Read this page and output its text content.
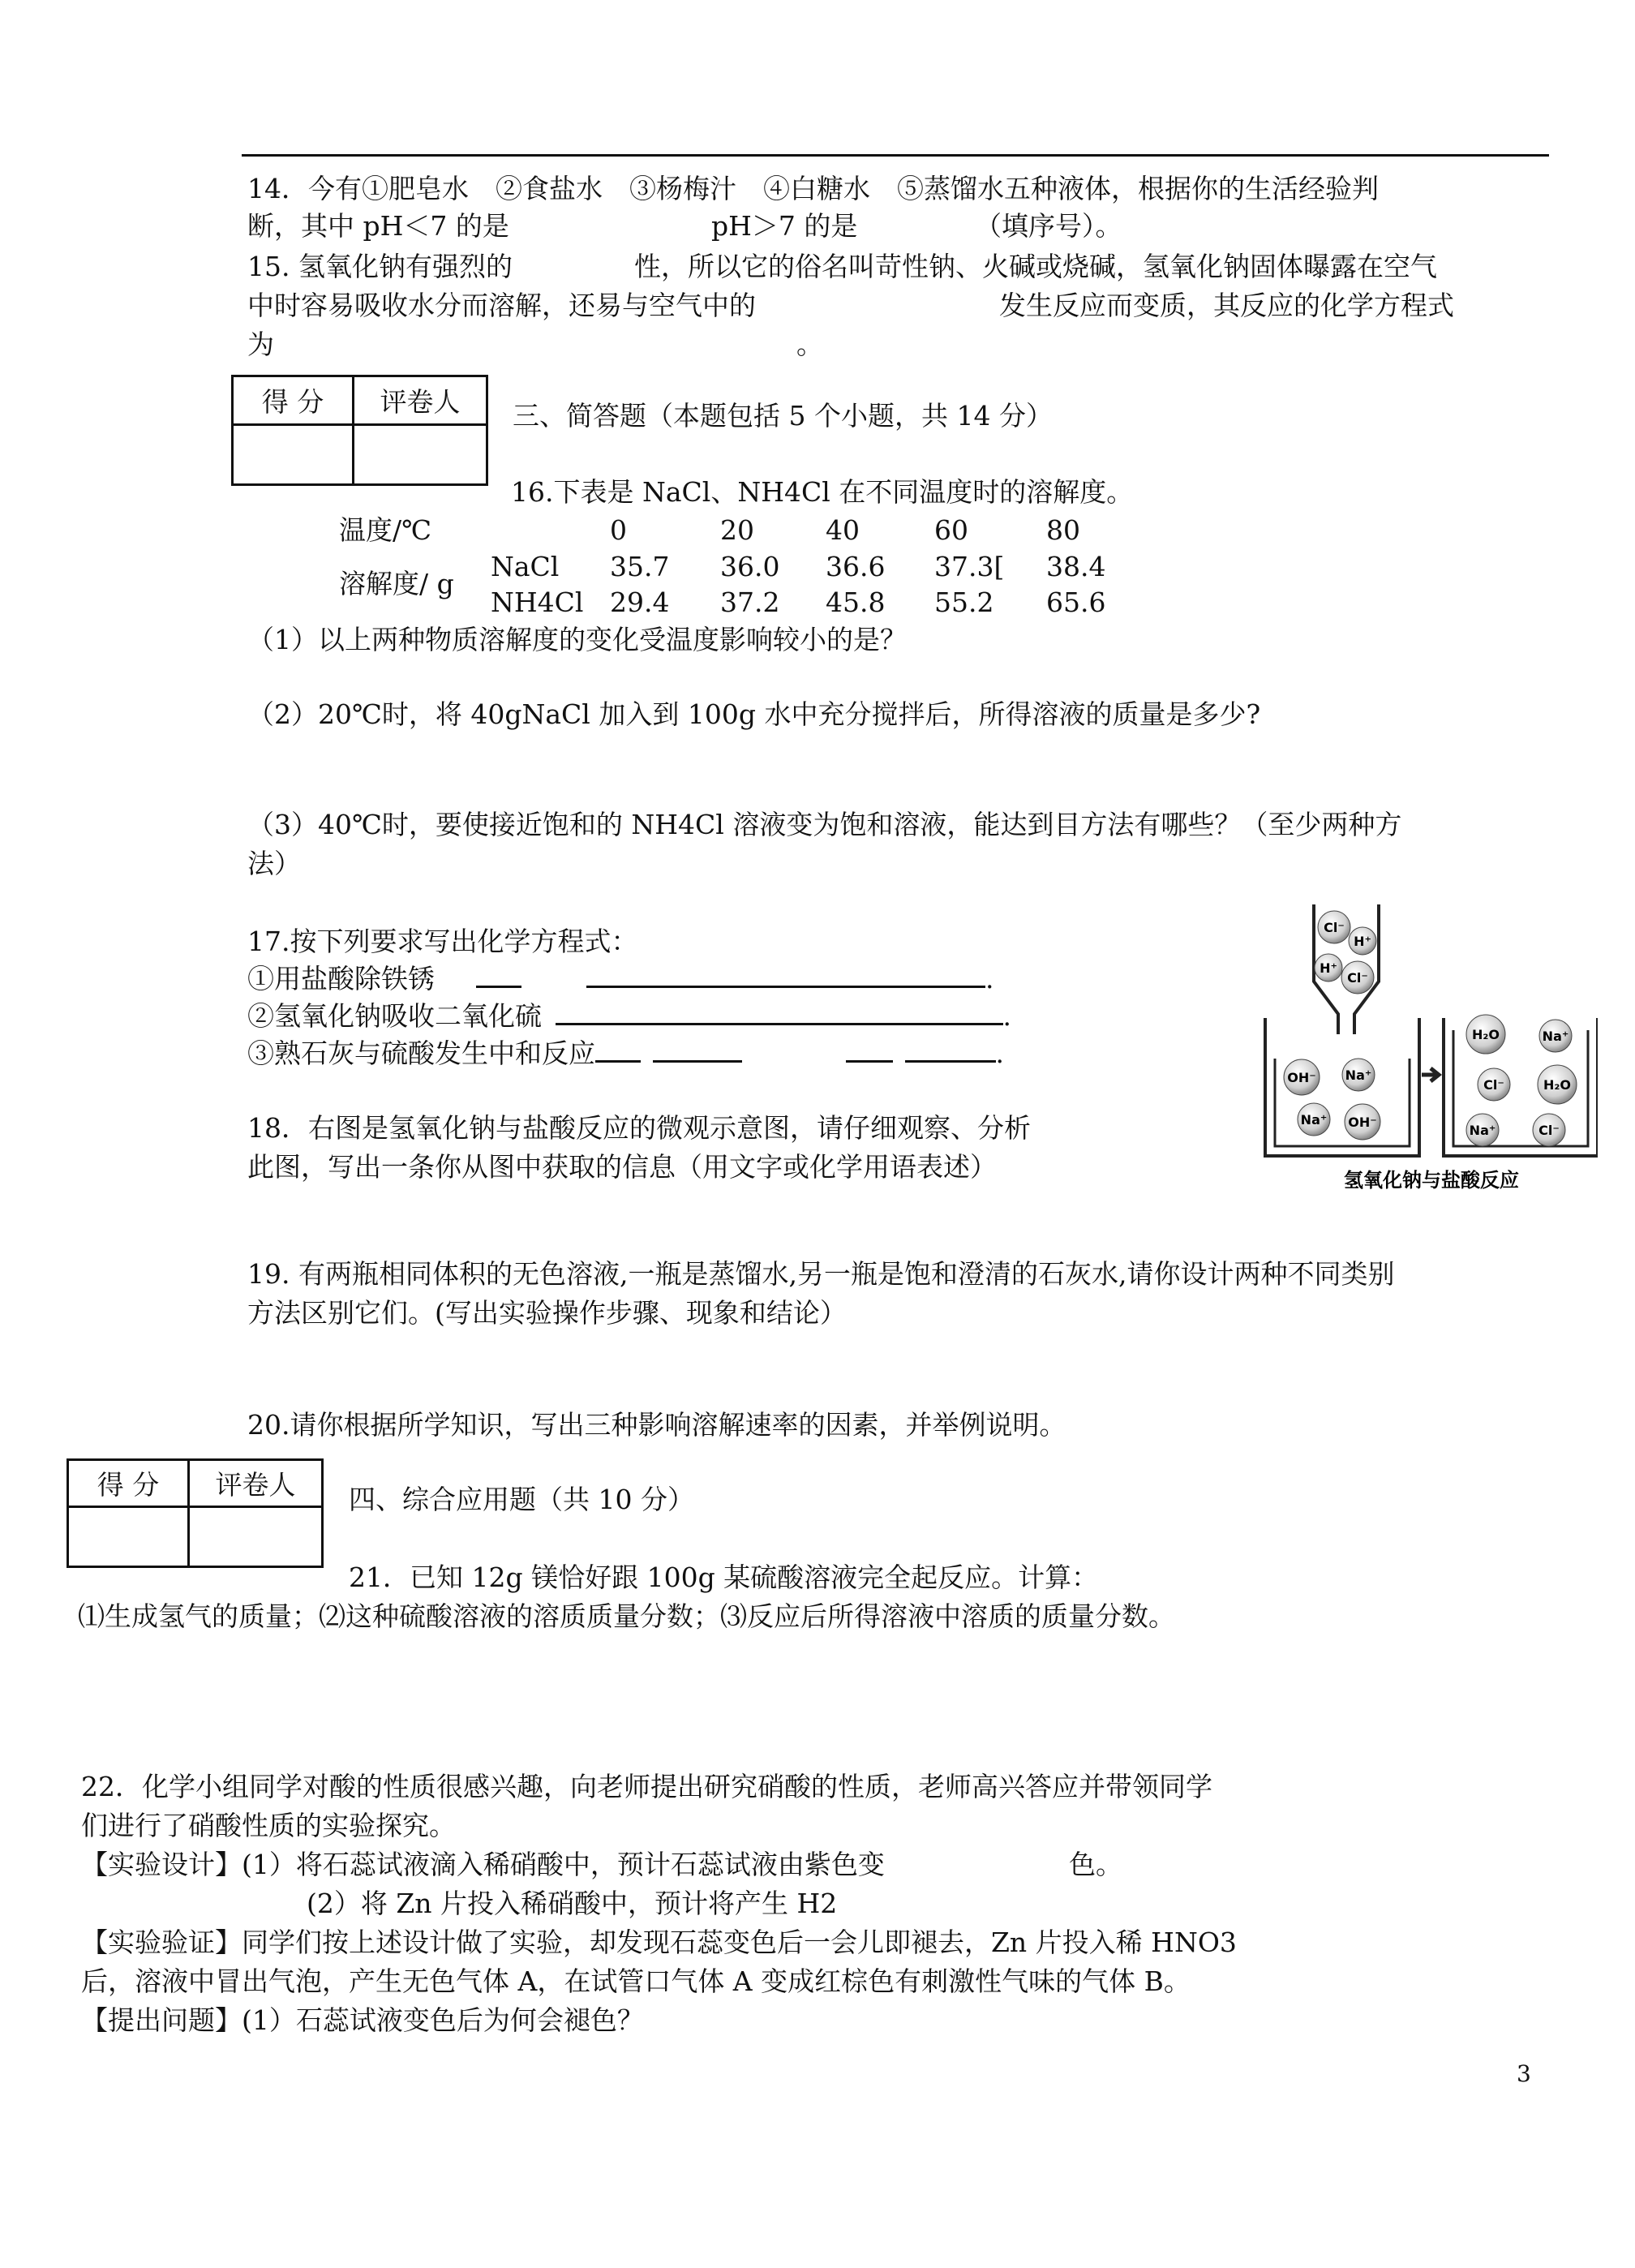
14．今有①肥皂水　②食盐水　③杨梅汁　④白糖水　⑤蒸馏水五种液体，根据你的生活经验判
断，其中 pH＜7 的是	pH＞7 的是	（填序号）。
15. 氢氧化钠有强烈的	性，所以它的俗名叫苛性钠、火碱或烧碱，氢氧化钠固体曝露在空气
中时容易吸收水分而溶解，还易与空气中的	发生反应而变质，其反应的化学方程式
为	。
得 分	评卷人
	三、简答题（本题包括 5 个小题，共 14 分）
16.下表是 NaCl、NH4Cl 在不同温度时的溶解度。
温度/℃	0	20	40	60	80
溶解度/ g
NaCl 35.7 36.0 36.6 37.3[ 38.4
NH4Cl 29.4 37.2 45.8 55.2 65.6
（1）以上两种物质溶解度的变化受温度影响较小的是？
（2）20℃时，将 40gNaCl 加入到 100g 水中充分搅拌后，所得溶液的质量是多少?
（3）40℃时，要使接近饱和的 NH4Cl 溶液变为饱和溶液，能达到目方法有哪些？（至少两种方
法）
17.按下列要求写出化学方程式：
①用盐酸除铁锈	.
②氢氧化钠吸收二氧化硫	.
③熟石灰与硫酸发生中和反应	.
18．右图是氢氧化钠与盐酸反应的微观示意图，请仔细观察、分析
此图，写出一条你从图中获取的信息（用文字或化学用语表述）
Cl⁻
H⁺
H⁺
Cl⁻
OH⁻ Na⁺
Na⁺ OH⁻
H₂O	Na⁺
Cl⁻	H₂O
Na⁺	Cl⁻
氢氧化钠与盐酸反应
19. 有两瓶相同体积的无色溶液,一瓶是蒸馏水,另一瓶是饱和澄清的石灰水,请你设计两种不同类别
方法区别它们。(写出实验操作步骤、现象和结论）
20.请你根据所学知识，写出三种影响溶解速率的因素，并举例说明。
得 分	评卷人
	四、综合应用题（共 10 分）
21．已知 12g 镁恰好跟 100g 某硫酸溶液完全起反应。计算：
⑴生成氢气的质量；⑵这种硫酸溶液的溶质质量分数；⑶反应后所得溶液中溶质的质量分数。
22．化学小组同学对酸的性质很感兴趣，向老师提出研究硝酸的性质，老师高兴答应并带领同学
们进行了硝酸性质的实验探究。
【实验设计】(1）将石蕊试液滴入稀硝酸中，预计石蕊试液由紫色变	色。
(2）将 Zn 片投入稀硝酸中，预计将产生 H2
【实验验证】同学们按上述设计做了实验，却发现石蕊变色后一会儿即褪去，Zn 片投入稀 HNO3
后，溶液中冒出气泡，产生无色气体 A，在试管口气体 A 变成红棕色有刺激性气味的气体 B。
【提出问题】(1）石蕊试液变色后为何会褪色？
3
